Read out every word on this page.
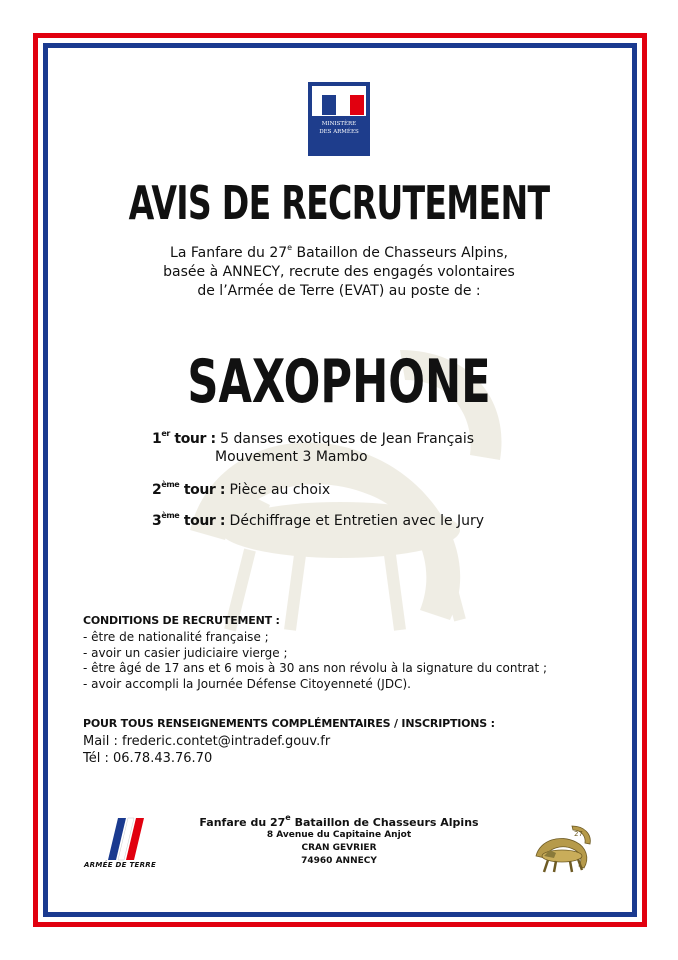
MINISTÈRE
DES ARMÉES
AVIS DE RECRUTEMENT
La Fanfare du 27e Bataillon de Chasseurs Alpins,
basée à ANNECY, recrute des engagés volontaires
de l’Armée de Terre (EVAT) au poste de :
SAXOPHONE
1er tour : 5 danses exotiques de Jean Français
Mouvement 3 Mambo
2ème tour : Pièce au choix
3ème tour : Déchiffrage et Entretien avec le Jury
CONDITIONS DE RECRUTEMENT :
- être de nationalité française ;
- avoir un casier judiciaire vierge ;
- être âgé de 17 ans et 6 mois à 30 ans non révolu à la signature du contrat ;
- avoir accompli la Journée Défense Citoyenneté (JDC).
POUR TOUS RENSEIGNEMENTS COMPLÉMENTAIRES / INSCRIPTIONS :
Mail : frederic.contet@intradef.gouv.fr
Tél : 06.78.43.76.70
Fanfare du 27e Bataillon de Chasseurs Alpins
8 Avenue du Capitaine Anjot
CRAN GEVRIER
74960 ANNECY
ARMÉE DE TERRE
27
